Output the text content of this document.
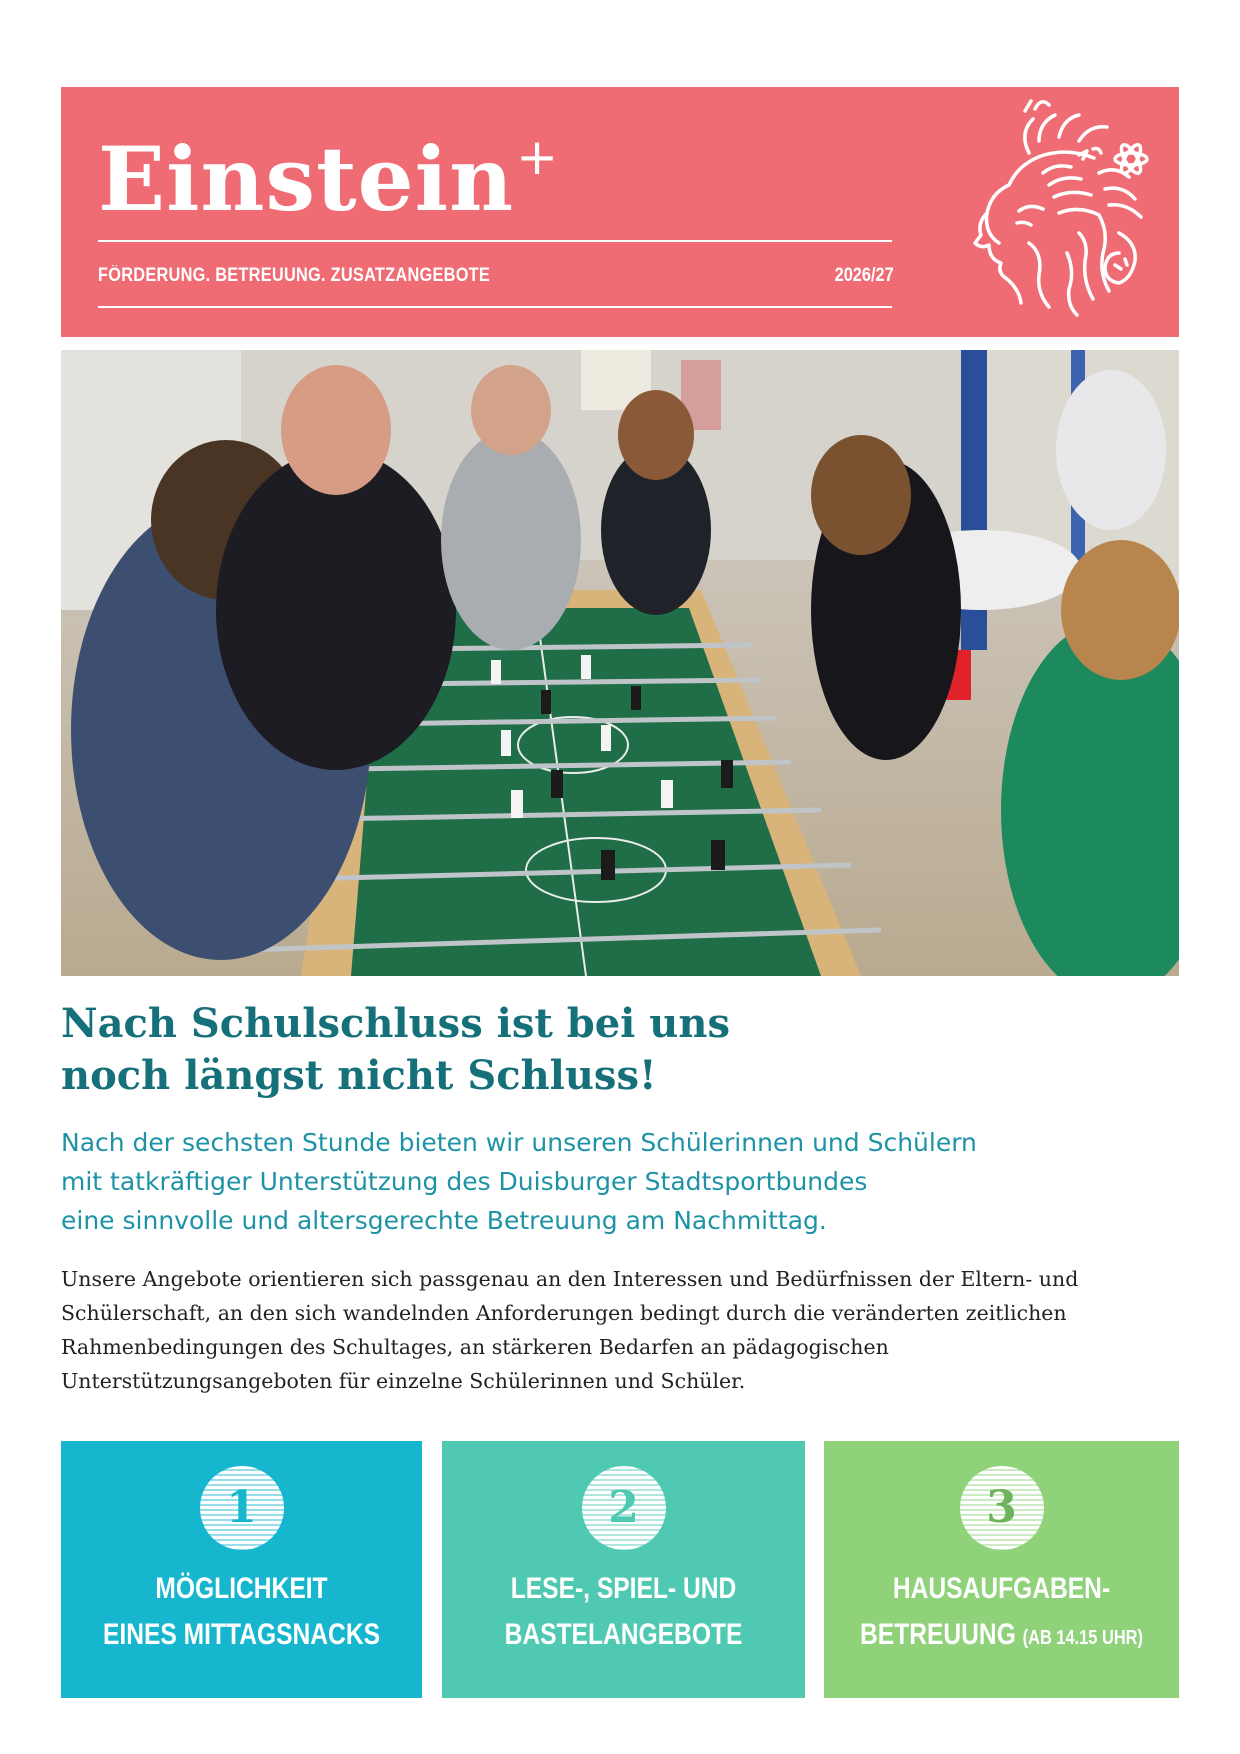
Einstein+
FÖRDERUNG. BETREUUNG. ZUSATZANGEBOTE	2026/27
Nach Schulschluss ist bei uns
noch längst nicht Schluss!

Nach der sechsten Stunde bieten wir unseren Schülerinnen und Schülern
mit tatkräftiger Unterstützung des Duisburger Stadtsportbundes
eine sinnvolle und altersgerechte Betreuung am Nachmittag.

Unsere Angebote orientieren sich passgenau an den Interessen und Bedürfnissen der Eltern- und
Schülerschaft, an den sich wandelnden Anforderungen bedingt durch die veränderten zeitlichen
Rahmenbedingungen des Schultages, an stärkeren Bedarfen an pädagogischen
Unterstützungsangeboten für einzelne Schülerinnen und Schüler.

1
MÖGLICHKEIT
EINES MITTAGSNACKS
2
LESE-, SPIEL- UND
BASTELANGEBOTE
3
HAUSAUFGABEN-
BETREUUNG (AB 14.15 UHR)
